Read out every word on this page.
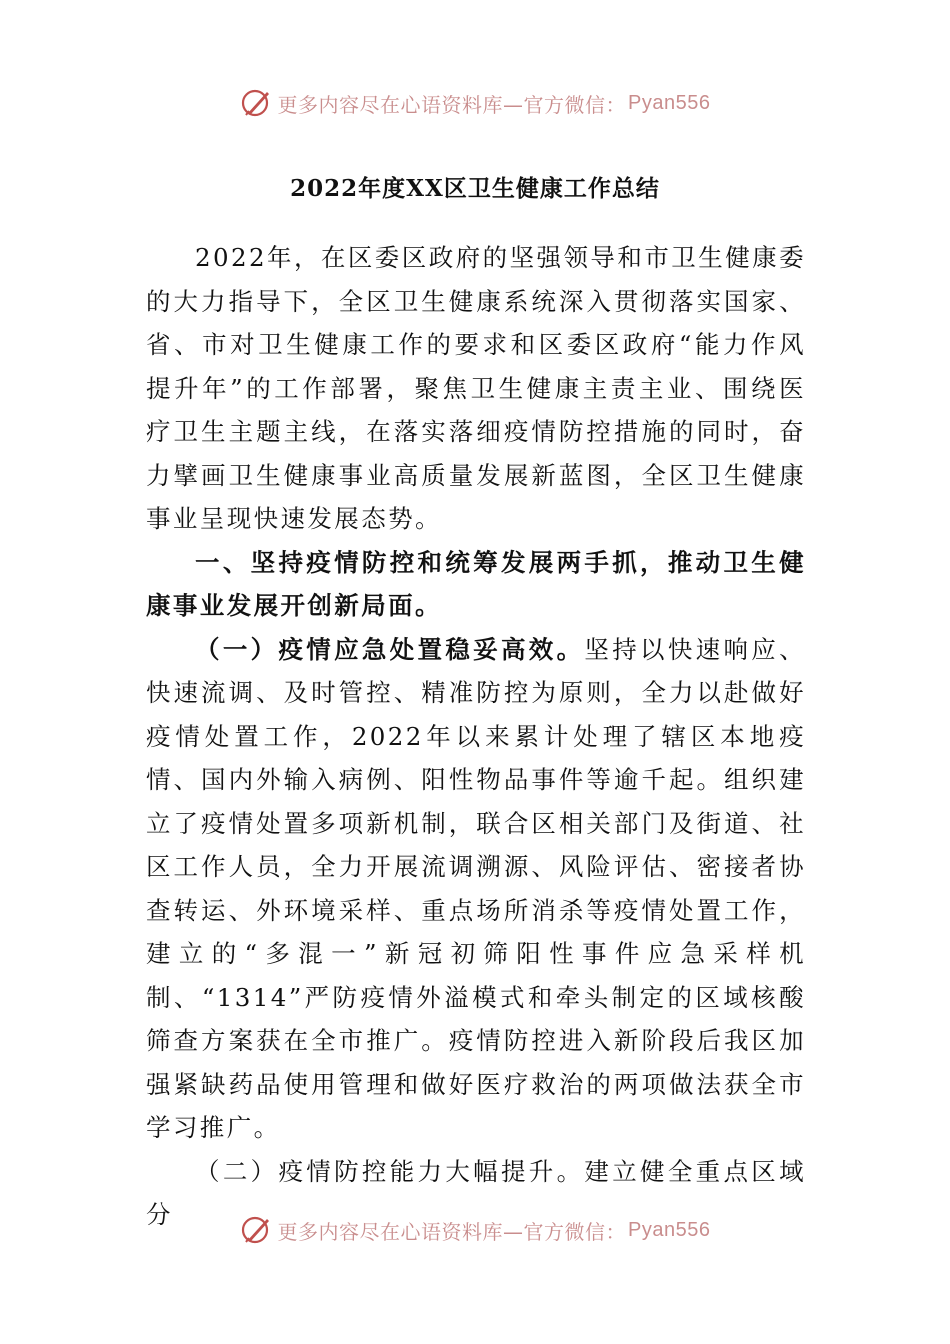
更多内容尽在心语资料库—官方微信： Pyan556
2022年度XX区卫生健康工作总结

2022年，在区委区政府的坚强领导和市卫生健康委的大力指导下，全区卫生健康系统深入贯彻落实国家、省、市对卫生健康工作的要求和区委区政府“能力作风提升年”的工作部署，聚焦卫生健康主责主业、围绕医疗卫生主题主线，在落实落细疫情防控措施的同时，奋力擘画卫生健康事业高质量发展新蓝图，全区卫生健康事业呈现快速发展态势。

一、坚持疫情防控和统筹发展两手抓，推动卫生健康事业发展开创新局面。

（一）疫情应急处置稳妥高效。坚持以快速响应、快速流调、及时管控、精准防控为原则，全力以赴做好疫情处置工作，2022年以来累计处理了辖区本地疫情、国内外输入病例、阳性物品事件等逾千起。组织建立了疫情处置多项新机制，联合区相关部门及街道、社区工作人员，全力开展流调溯源、风险评估、密接者协查转运、外环境采样、重点场所消杀等疫情处置工作，建立的“多混一”新冠初筛阳性事件应急采样机制、“1314”严防疫情外溢模式和牵头制定的区域核酸筛查方案获在全市推广。疫情防控进入新阶段后我区加强紧缺药品使用管理和做好医疗救治的两项做法获全市学习推广。

（二）疫情防控能力大幅提升。建立健全重点区域分

更多内容尽在心语资料库—官方微信： Pyan556
